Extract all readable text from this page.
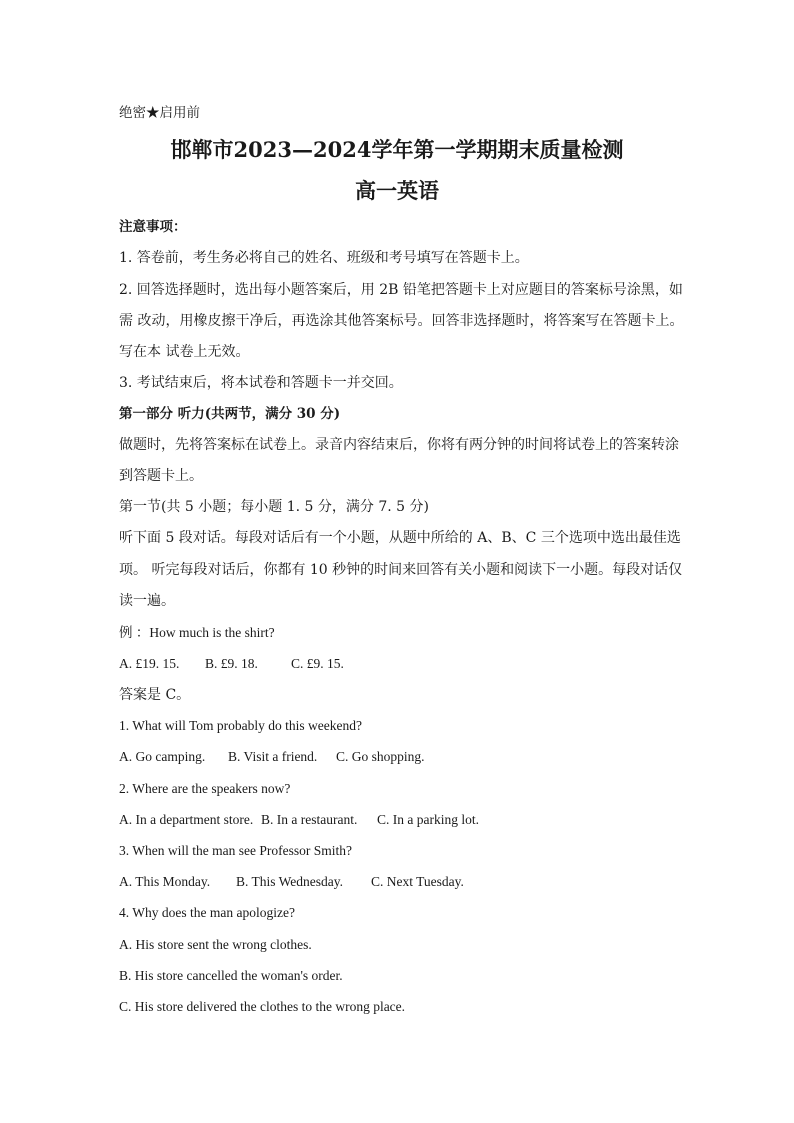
绝密★启用前

邯郸市2023—2024学年第一学期期末质量检测
高一英语

注意事项：

1. 答卷前，考生务必将自己的姓名、班级和考号填写在答题卡上。

2. 回答选择题时，选出每小题答案后，用 2B 铅笔把答题卡上对应题目的答案标号涂黑，如

需 改动，用橡皮擦干净后，再选涂其他答案标号。回答非选择题时，将答案写在答题卡上。

写在本 试卷上无效。

3. 考试结束后，将本试卷和答题卡一并交回。

第一部分 听力(共两节，满分 30 分)

做题时，先将答案标在试卷上。录音内容结束后，你将有两分钟的时间将试卷上的答案转涂

到答题卡上。

第一节(共 5 小题；每小题 1. 5 分，满分 7. 5 分)

听下面 5 段对话。每段对话后有一个小题，从题中所给的 A、B、C 三个选项中选出最佳选

项。 听完每段对话后，你都有 10 秒钟的时间来回答有关小题和阅读下一小题。每段对话仅

读一遍。

例 ：How much is the shirt?

A. £19. 15. B. £9. 18. C. £9. 15.

答案是 C。

1. What will Tom probably do this weekend?

A. Go camping. B. Visit a friend. C. Go shopping.

2. Where are the speakers now?

A. In a department store. B. In a restaurant. C. In a parking lot.

3. When will the man see Professor Smith?

A. This Monday. B. This Wednesday. C. Next Tuesday.

4. Why does the man apologize?

A. His store sent the wrong clothes.

B. His store cancelled the woman's order.

C. His store delivered the clothes to the wrong place.
